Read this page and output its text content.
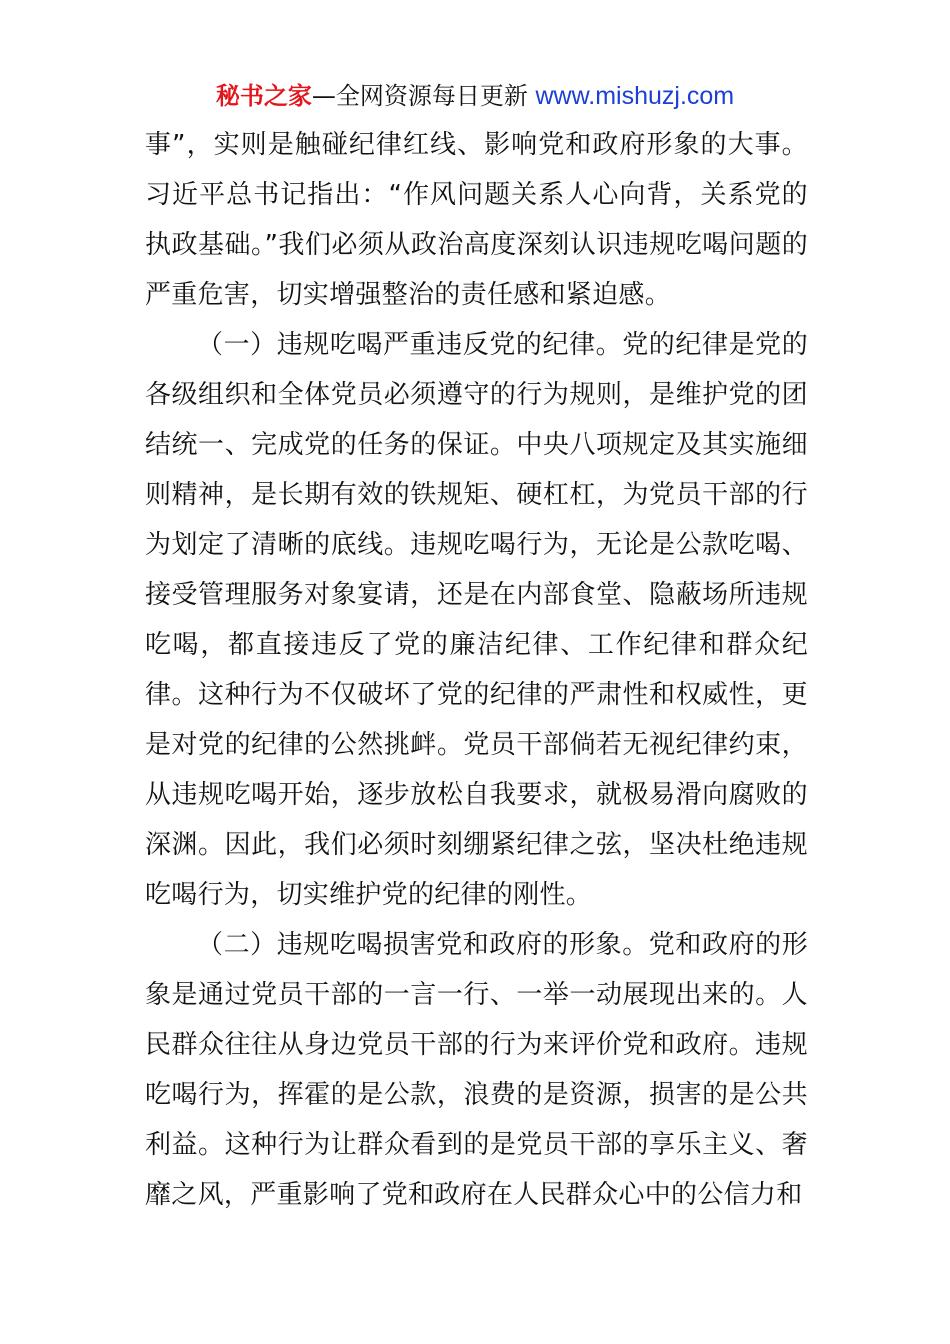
秘书之家—全网资源每日更新 www.mishuzj.com

事”，实则是触碰纪律红线、影响党和政府形象的大事。习近平总书记指出：“作风问题关系人心向背，关系党的执政基础。”我们必须从政治高度深刻认识违规吃喝问题的严重危害，切实增强整治的责任感和紧迫感。

（一）违规吃喝严重违反党的纪律。党的纪律是党的各级组织和全体党员必须遵守的行为规则，是维护党的团结统一、完成党的任务的保证。中央八项规定及其实施细则精神，是长期有效的铁规矩、硬杠杠，为党员干部的行为划定了清晰的底线。违规吃喝行为，无论是公款吃喝、接受管理服务对象宴请，还是在内部食堂、隐蔽场所违规吃喝，都直接违反了党的廉洁纪律、工作纪律和群众纪律。这种行为不仅破坏了党的纪律的严肃性和权威性，更是对党的纪律的公然挑衅。党员干部倘若无视纪律约束，从违规吃喝开始，逐步放松自我要求，就极易滑向腐败的深渊。因此，我们必须时刻绷紧纪律之弦，坚决杜绝违规吃喝行为，切实维护党的纪律的刚性。

（二）违规吃喝损害党和政府的形象。党和政府的形象是通过党员干部的一言一行、一举一动展现出来的。人民群众往往从身边党员干部的行为来评价党和政府。违规吃喝行为，挥霍的是公款，浪费的是资源，损害的是公共利益。这种行为让群众看到的是党员干部的享乐主义、奢靡之风，严重影响了党和政府在人民群众心中的公信力和
